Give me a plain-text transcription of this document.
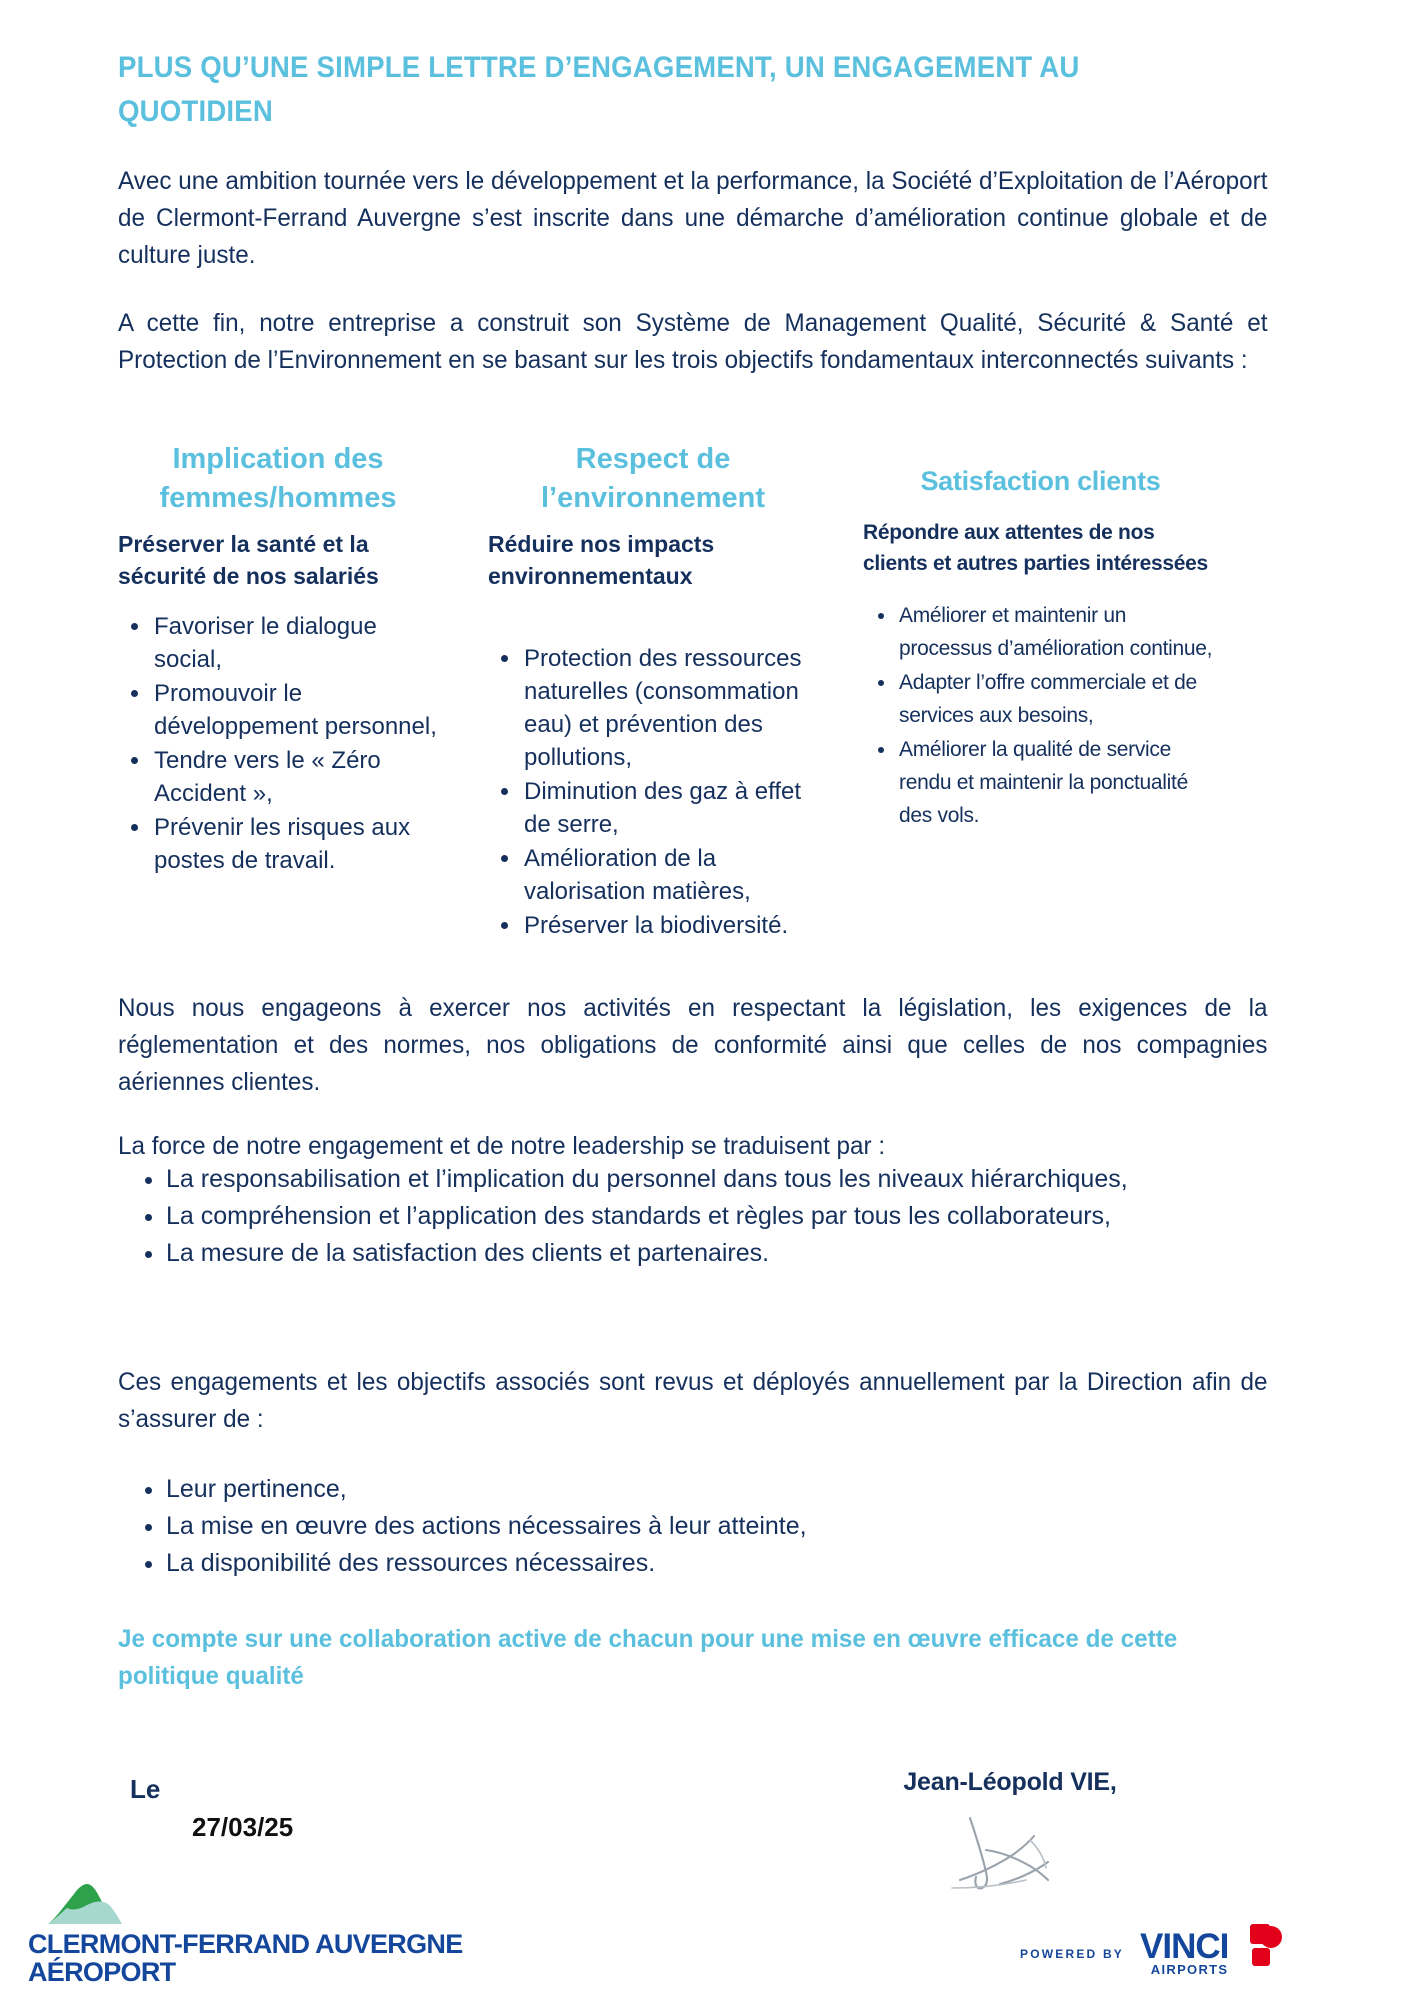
PLUS QU’UNE SIMPLE LETTRE D’ENGAGEMENT, UN ENGAGEMENT AU QUOTIDIEN
Avec une ambition tournée vers le développement et la performance, la Société d’Exploitation de l’Aéroport de Clermont-Ferrand Auvergne s’est inscrite dans une démarche d’amélioration continue globale et de culture juste.
A cette fin, notre entreprise a construit son Système de Management Qualité, Sécurité & Santé et Protection de l’Environnement en se basant sur les trois objectifs fondamentaux interconnectés suivants :
Implication des femmes/hommes
Préserver la santé et la sécurité de nos salariés
• Favoriser le dialogue social,
• Promouvoir le développement personnel,
• Tendre vers le « Zéro Accident »,
• Prévenir les risques aux postes de travail.
Respect de l’environnement
Réduire nos impacts environnementaux
• Protection des ressources naturelles (consommation eau) et prévention des pollutions,
• Diminution des gaz à effet de serre,
• Amélioration de la valorisation matières,
• Préserver la biodiversité.
Satisfaction clients
Répondre aux attentes de nos clients et autres parties intéressées
• Améliorer et maintenir un processus d’amélioration continue,
• Adapter l’offre commerciale et de services aux besoins,
• Améliorer la qualité de service rendu et maintenir la ponctualité des vols.
Nous nous engageons à exercer nos activités en respectant la législation, les exigences de la réglementation et des normes, nos obligations de conformité ainsi que celles de nos compagnies aériennes clientes.
La force de notre engagement et de notre leadership se traduisent par :
• La responsabilisation et l’implication du personnel dans tous les niveaux hiérarchiques,
• La compréhension et l’application des standards et règles par tous les collaborateurs,
• La mesure de la satisfaction des clients et partenaires.
Ces engagements et les objectifs associés sont revus et déployés annuellement par la Direction afin de s’assurer de :
• Leur pertinence,
• La mise en œuvre des actions nécessaires à leur atteinte,
• La disponibilité des ressources nécessaires.
Je compte sur une collaboration active de chacun pour une mise en œuvre efficace de cette politique qualité
Le
27/03/25
Jean-Léopold VIE,
CLERMONT-FERRAND AUVERGNE
AÉROPORT
POWERED BY VINCI
AIRPORTS
